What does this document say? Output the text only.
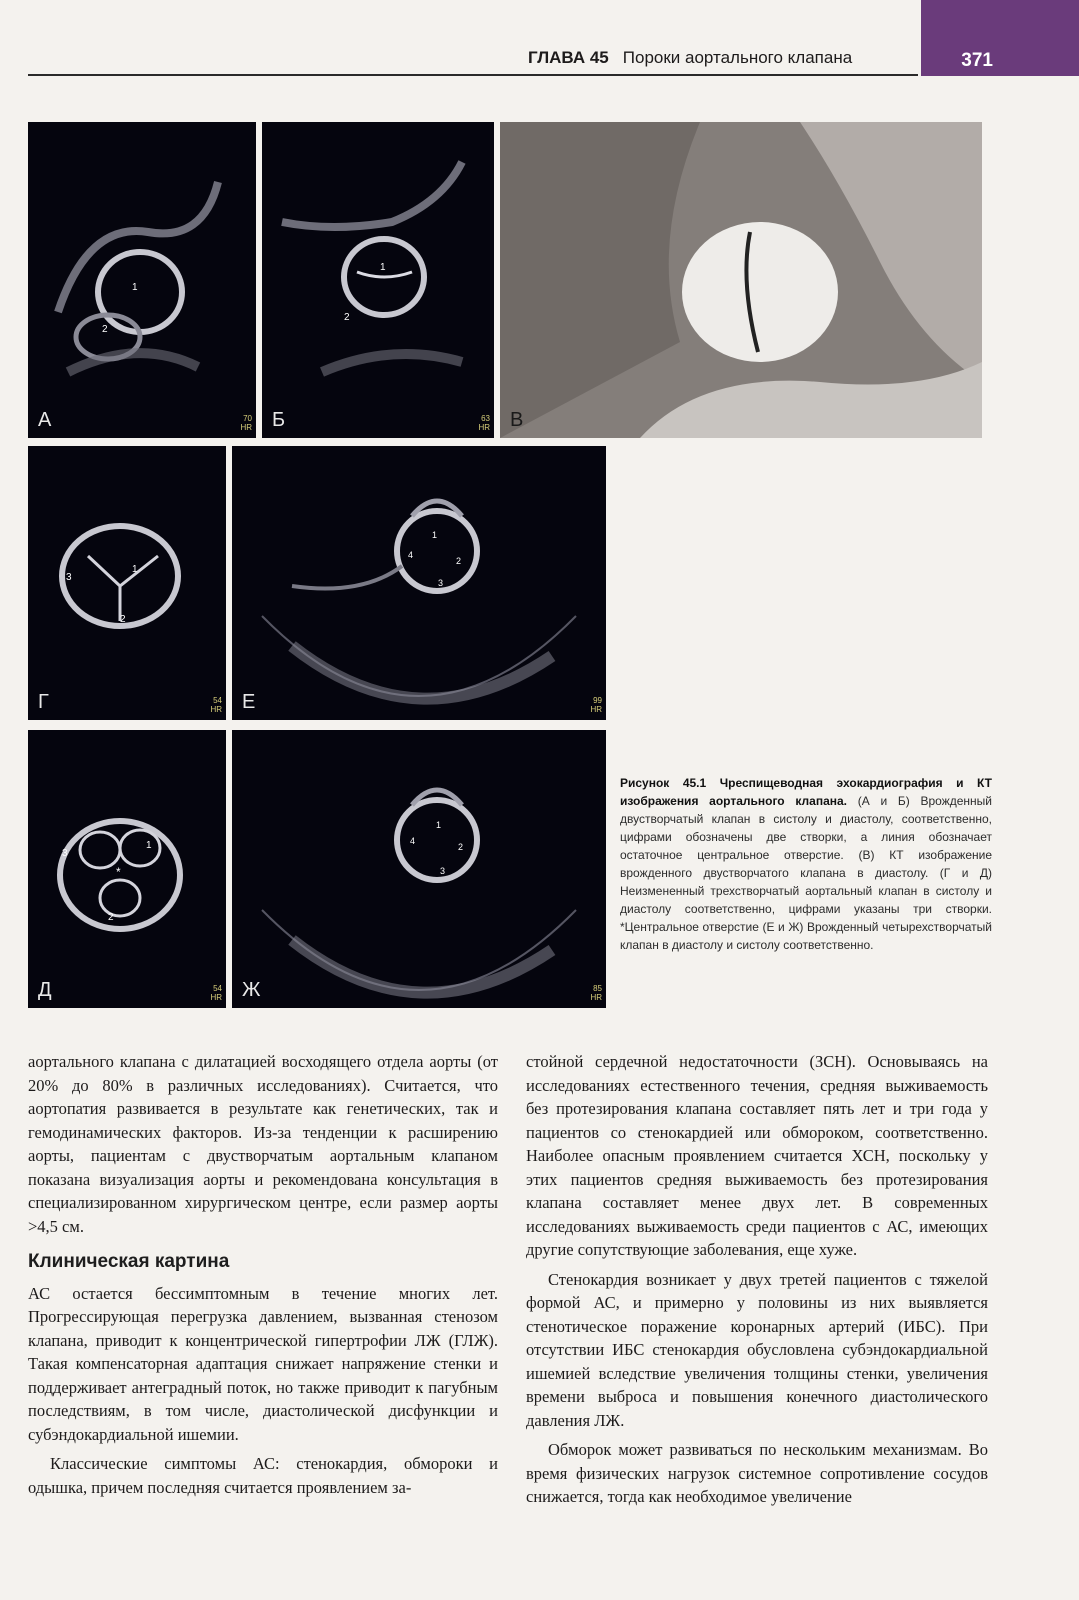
371
ГЛАВА 45 Пороки аортального клапана
1
2
А	70
HR
1
2
Б	63
HR В
3
1
2
Г	54
HR
1
4
2
3
Е	99
HR
3
1
*
2
Д	54
HR
1
4
2
3
Ж	85
HR
Рисунок 45.1 Чреспищеводная эхокардиография и КТ изображения аортального клапана. (А и Б) Врожденный двустворчатый клапан в систолу и диастолу, соответственно, цифрами обозначены две створки, а линия обозначает остаточное центральное отверстие. (В) КТ изображение врожденного двустворчатого клапана в диастолу. (Г и Д) Неизмененный трехстворчатый аортальный клапан в систолу и диастолу соответственно, цифрами указаны три створки. *Центральное отверстие (Е и Ж) Врожденный четырехстворчатый клапан в диастолу и систолу соответственно.

аортального клапана с дилатацией восходящего отдела аорты (от 20% до 80% в различных исследованиях). Считается, что аортопатия развивается в результате как генетических, так и гемодинамических факторов. Из-за тенденции к расширению аорты, пациентам с двустворчатым аортальным клапаном показана визуализация аорты и рекомендована консультация в специализированном хирургическом центре, если размер аорты >4,5 см.

Клиническая картина

АС остается бессимптомным в течение многих лет. Прогрессирующая перегрузка давлением, вызванная стенозом клапана, приводит к концентрической гипертрофии ЛЖ (ГЛЖ). Такая компенсаторная адаптация снижает напряжение стенки и поддерживает антеградный поток, но также приводит к пагубным последствиям, в том числе, диастолической дисфункции и субэндокардиальной ишемии.

Классические симптомы АС: стенокардия, обмороки и одышка, причем последняя считается проявлением за-

стойной сердечной недостаточности (ЗСН). Основываясь на исследованиях естественного течения, средняя выживаемость без протезирования клапана составляет пять лет и три года у пациентов со стенокардией или обмороком, соответственно. Наиболее опасным проявлением считается ХСН, поскольку у этих пациентов средняя выживаемость без протезирования клапана составляет менее двух лет. В современных исследованиях выживаемость среди пациентов с АС, имеющих другие сопутствующие заболевания, еще хуже.

Стенокардия возникает у двух третей пациентов с тяжелой формой АС, и примерно у половины из них выявляется стенотическое поражение коронарных артерий (ИБС). При отсутствии ИБС стенокардия обусловлена субэндокардиальной ишемией вследствие увеличения толщины стенки, увеличения времени выброса и повышения конечного диастолического давления ЛЖ.

Обморок может развиваться по нескольким механизмам. Во время физических нагрузок системное сопротивление сосудов снижается, тогда как необходимое увеличение
